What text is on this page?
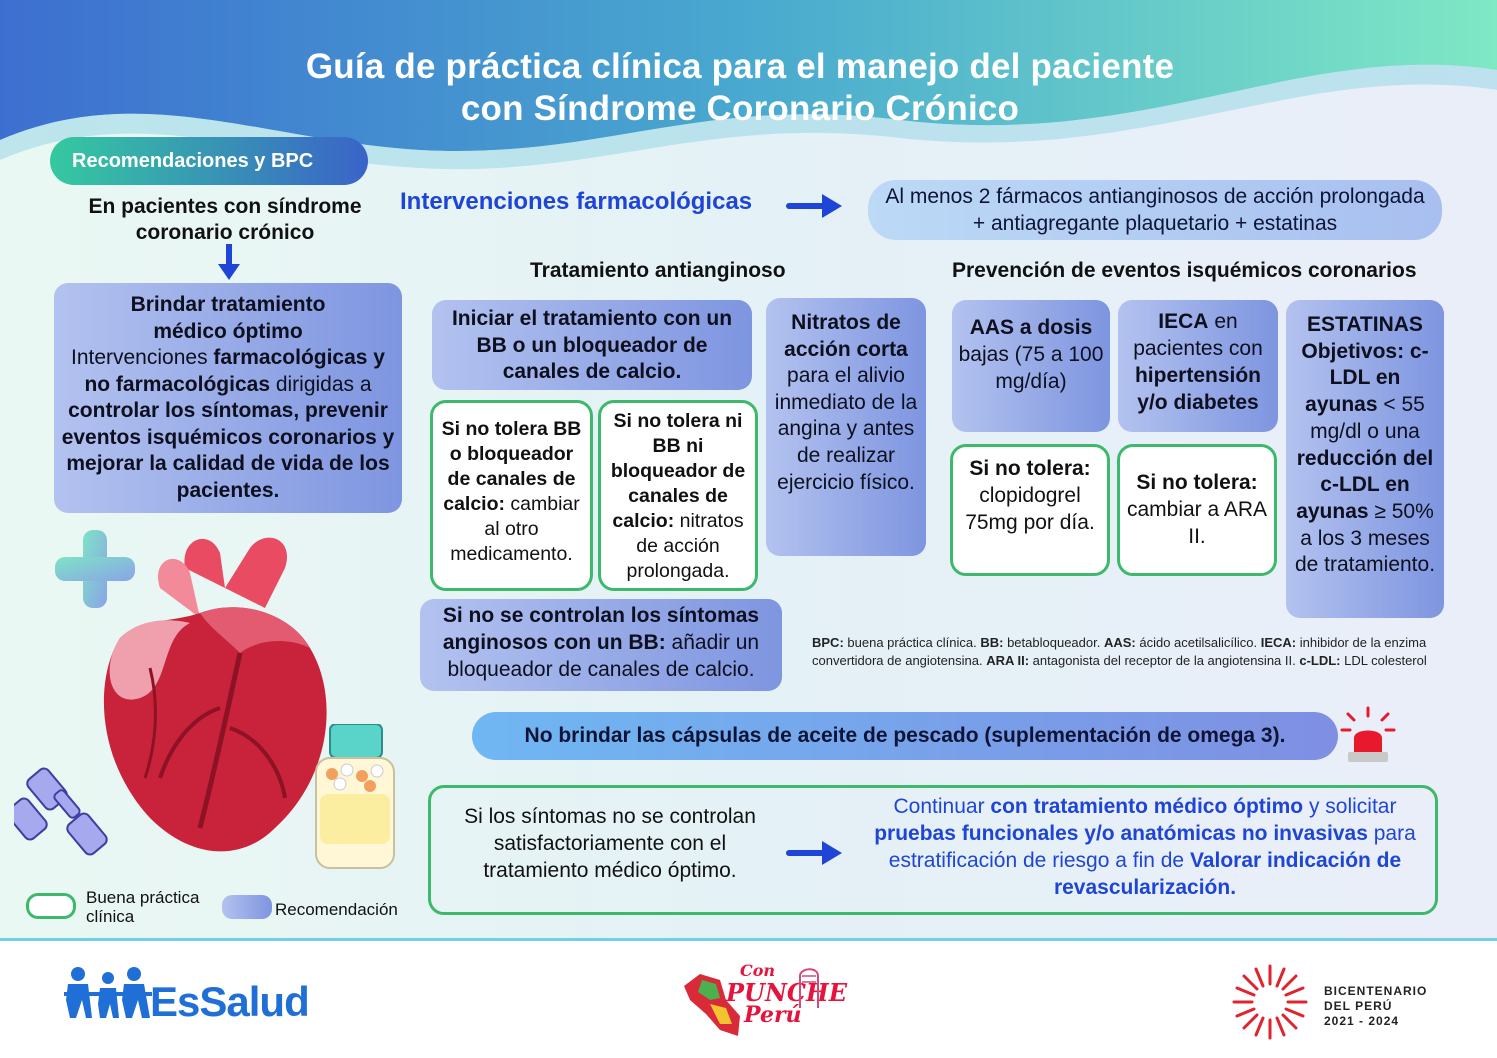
Guía de práctica clínica para el manejo del paciente
con Síndrome Coronario Crónico
Recomendaciones y BPC
En pacientes con síndrome
coronario crónico
Brindar tratamiento médico óptimo
Intervenciones farmacológicas y no farmacológicas dirigidas a controlar los síntomas, prevenir eventos isquémicos coronarios y mejorar la calidad de vida de los pacientes.
Buena práctica clínica	Recomendación
Intervenciones farmacológicas	Al menos 2 fármacos antianginosos de acción prolongada + antiagregante plaquetario + estatinas
Tratamiento antianginoso
Iniciar el tratamiento con un BB o un bloqueador de canales de calcio.
Si no tolera BB o bloqueador de canales de calcio: cambiar al otro medicamento.
Si no tolera ni BB ni bloqueador de canales de calcio: nitratos de acción prolongada.
Si no se controlan los síntomas anginosos con un BB: añadir un bloqueador de canales de calcio.
Nitratos de acción corta para el alivio inmediato de la angina y antes de realizar ejercicio físico.
Prevención de eventos isquémicos coronarios
AAS a dosis bajas (75 a 100 mg/día)
Si no tolera: clopidogrel 75mg por día.
IECA en pacientes con hipertensión y/o diabetes
Si no tolera: cambiar a ARA II.
ESTATINAS Objetivos: c-LDL en ayunas < 55 mg/dl o una reducción del c-LDL en ayunas ≥ 50% a los 3 meses de tratamiento.
BPC: buena práctica clínica. BB: betabloqueador. AAS: ácido acetilsalicílico. IECA: inhibidor de la enzima convertidora de angiotensina. ARA II: antagonista del receptor de la angiotensina II. c-LDL: LDL colesterol
No brindar las cápsulas de aceite de pescado (suplementación de omega 3).
Si los síntomas no se controlan satisfactoriamente con el tratamiento médico óptimo.
Continuar con tratamiento médico óptimo y solicitar pruebas funcionales y/o anatómicas no invasivas para estratificación de riesgo a fin de Valorar indicación de revascularización.
EsSalud
Con
PUNCHE
Perú
BICENTENARIO
DEL PERÚ
2021 - 2024
